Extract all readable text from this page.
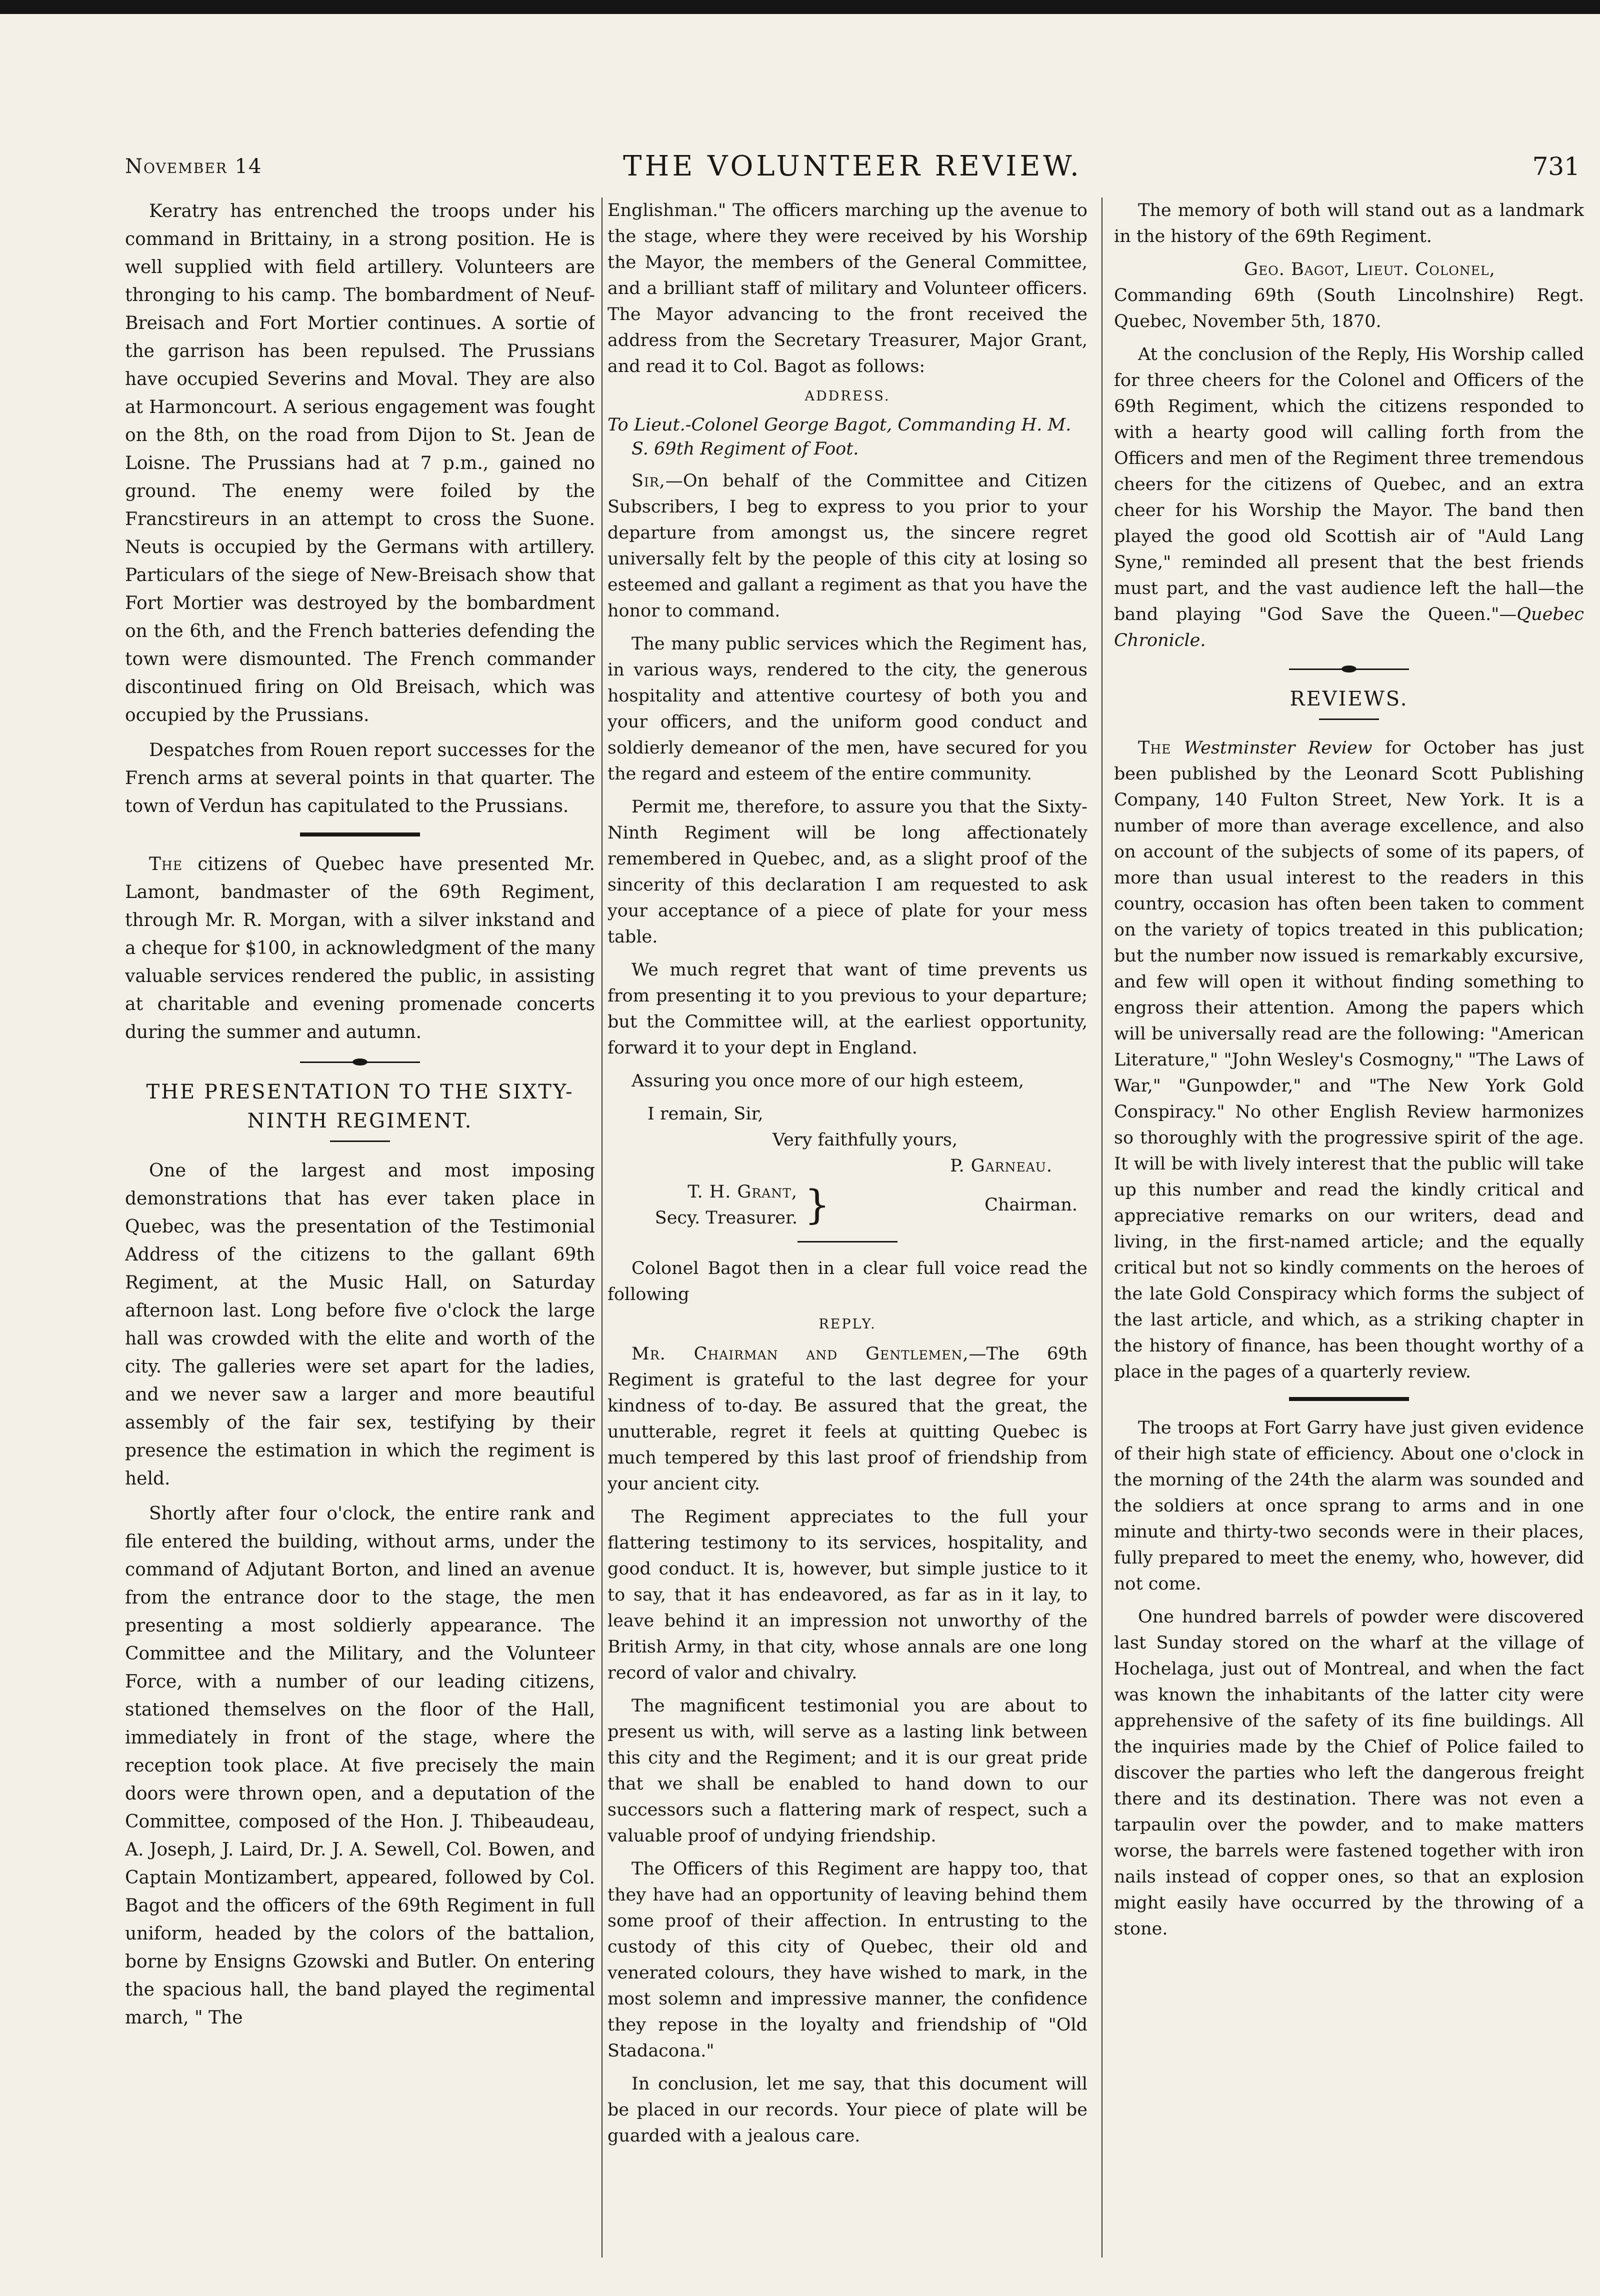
November 14	THE VOLUNTEER REVIEW.	731

Keratry has entrenched the troops under his command in Brittainy, in a strong position. He is well supplied with field artillery. Volunteers are thronging to his camp. The bombardment of Neuf-Breisach and Fort Mortier continues. A sortie of the garrison has been repulsed. The Prussians have occupied Severins and Moval. They are also at Harmoncourt. A serious engagement was fought on the 8th, on the road from Dijon to St. Jean de Loisne. The Prussians had at 7 p.m., gained no ground. The enemy were foiled by the Francstireurs in an attempt to cross the Suone. Neuts is occupied by the Germans with artillery. Particulars of the siege of New-Breisach show that Fort Mortier was destroyed by the bombardment on the 6th, and the French batteries defending the town were dismounted. The French commander discontinued firing on Old Breisach, which was occupied by the Prussians.

Despatches from Rouen report successes for the French arms at several points in that quarter. The town of Verdun has capitulated to the Prussians.

The citizens of Quebec have presented Mr. Lamont, bandmaster of the 69th Regiment, through Mr. R. Morgan, with a silver inkstand and a cheque for $100, in acknowledgment of the many valuable services rendered the public, in assisting at charitable and evening promenade concerts during the summer and autumn.

THE PRESENTATION TO THE SIXTY-NINTH REGIMENT.

One of the largest and most imposing demonstrations that has ever taken place in Quebec, was the presentation of the Testimonial Address of the citizens to the gallant 69th Regiment, at the Music Hall, on Saturday afternoon last. Long before five o'clock the large hall was crowded with the elite and worth of the city. The galleries were set apart for the ladies, and we never saw a larger and more beautiful assembly of the fair sex, testifying by their presence the estimation in which the regiment is held.

Shortly after four o'clock, the entire rank and file entered the building, without arms, under the command of Adjutant Borton, and lined an avenue from the entrance door to the stage, the men presenting a most soldierly appearance. The Committee and the Military, and the Volunteer Force, with a number of our leading citizens, stationed themselves on the floor of the Hall, immediately in front of the stage, where the reception took place. At five precisely the main doors were thrown open, and a deputation of the Committee, composed of the Hon. J. Thibeaudeau, A. Joseph, J. Laird, Dr. J. A. Sewell, Col. Bowen, and Captain Montizambert, appeared, followed by Col. Bagot and the officers of the 69th Regiment in full uniform, headed by the colors of the battalion, borne by Ensigns Gzowski and Butler. On entering the spacious hall, the band played the regimental march, " The

Englishman." The officers marching up the avenue to the stage, where they were received by his Worship the Mayor, the members of the General Committee, and a brilliant staff of military and Volunteer officers. The Mayor advancing to the front received the address from the Secretary Treasurer, Major Grant, and read it to Col. Bagot as follows:

ADDRESS.
To Lieut.-Colonel George Bagot, Commanding H. M. S. 69th Regiment of Foot.

Sir,—On behalf of the Committee and Citizen Subscribers, I beg to express to you prior to your departure from amongst us, the sincere regret universally felt by the people of this city at losing so esteemed and gallant a regiment as that you have the honor to command.

The many public services which the Regiment has, in various ways, rendered to the city, the generous hospitality and attentive courtesy of both you and your officers, and the uniform good conduct and soldierly demeanor of the men, have secured for you the regard and esteem of the entire community.

Permit me, therefore, to assure you that the Sixty-Ninth Regiment will be long affectionately remembered in Quebec, and, as a slight proof of the sincerity of this declaration I am requested to ask your acceptance of a piece of plate for your mess table.

We much regret that want of time prevents us from presenting it to you previous to your departure; but the Committee will, at the earliest opportunity, forward it to your dept in England.

Assuring you once more of our high esteem,

I remain, Sir,
Very faithfully yours,
P. Garneau.
T. H. Grant,
Secy. Treasurer. }	Chairman.

Colonel Bagot then in a clear full voice read the following

REPLY.

Mr. Chairman and Gentlemen,—The 69th Regiment is grateful to the last degree for your kindness of to-day. Be assured that the great, the unutterable, regret it feels at quitting Quebec is much tempered by this last proof of friendship from your ancient city.

The Regiment appreciates to the full your flattering testimony to its services, hospitality, and good conduct. It is, however, but simple justice to it to say, that it has endeavored, as far as in it lay, to leave behind it an impression not unworthy of the British Army, in that city, whose annals are one long record of valor and chivalry.

The magnificent testimonial you are about to present us with, will serve as a lasting link between this city and the Regiment; and it is our great pride that we shall be enabled to hand down to our successors such a flattering mark of respect, such a valuable proof of undying friendship.

The Officers of this Regiment are happy too, that they have had an opportunity of leaving behind them some proof of their affection. In entrusting to the custody of this city of Quebec, their old and venerated colours, they have wished to mark, in the most solemn and impressive manner, the confidence they repose in the loyalty and friendship of "Old Stadacona."

In conclusion, let me say, that this document will be placed in our records. Your piece of plate will be guarded with a jealous care.

The memory of both will stand out as a landmark in the history of the 69th Regiment.

Geo. Bagot, Lieut. Colonel,
Commanding 69th (South Lincolnshire) Regt. Quebec, November 5th, 1870.

At the conclusion of the Reply, His Worship called for three cheers for the Colonel and Officers of the 69th Regiment, which the citizens responded to with a hearty good will calling forth from the Officers and men of the Regiment three tremendous cheers for the citizens of Quebec, and an extra cheer for his Worship the Mayor. The band then played the good old Scottish air of "Auld Lang Syne," reminded all present that the best friends must part, and the vast audience left the hall—the band playing "God Save the Queen."—Quebec Chronicle.

REVIEWS.

The Westminster Review for October has just been published by the Leonard Scott Publishing Company, 140 Fulton Street, New York. It is a number of more than average excellence, and also on account of the subjects of some of its papers, of more than usual interest to the readers in this country, occasion has often been taken to comment on the variety of topics treated in this publication; but the number now issued is remarkably excursive, and few will open it without finding something to engross their attention. Among the papers which will be universally read are the following: "American Literature," "John Wesley's Cosmogny," "The Laws of War," "Gunpowder," and "The New York Gold Conspiracy." No other English Review harmonizes so thoroughly with the progressive spirit of the age. It will be with lively interest that the public will take up this number and read the kindly critical and appreciative remarks on our writers, dead and living, in the first-named article; and the equally critical but not so kindly comments on the heroes of the late Gold Conspiracy which forms the subject of the last article, and which, as a striking chapter in the history of finance, has been thought worthy of a place in the pages of a quarterly review.

The troops at Fort Garry have just given evidence of their high state of efficiency. About one o'clock in the morning of the 24th the alarm was sounded and the soldiers at once sprang to arms and in one minute and thirty-two seconds were in their places, fully prepared to meet the enemy, who, however, did not come.

One hundred barrels of powder were discovered last Sunday stored on the wharf at the village of Hochelaga, just out of Montreal, and when the fact was known the inhabitants of the latter city were apprehensive of the safety of its fine buildings. All the inquiries made by the Chief of Police failed to discover the parties who left the dangerous freight there and its destination. There was not even a tarpaulin over the powder, and to make matters worse, the barrels were fastened together with iron nails instead of copper ones, so that an explosion might easily have occurred by the throwing of a stone.
